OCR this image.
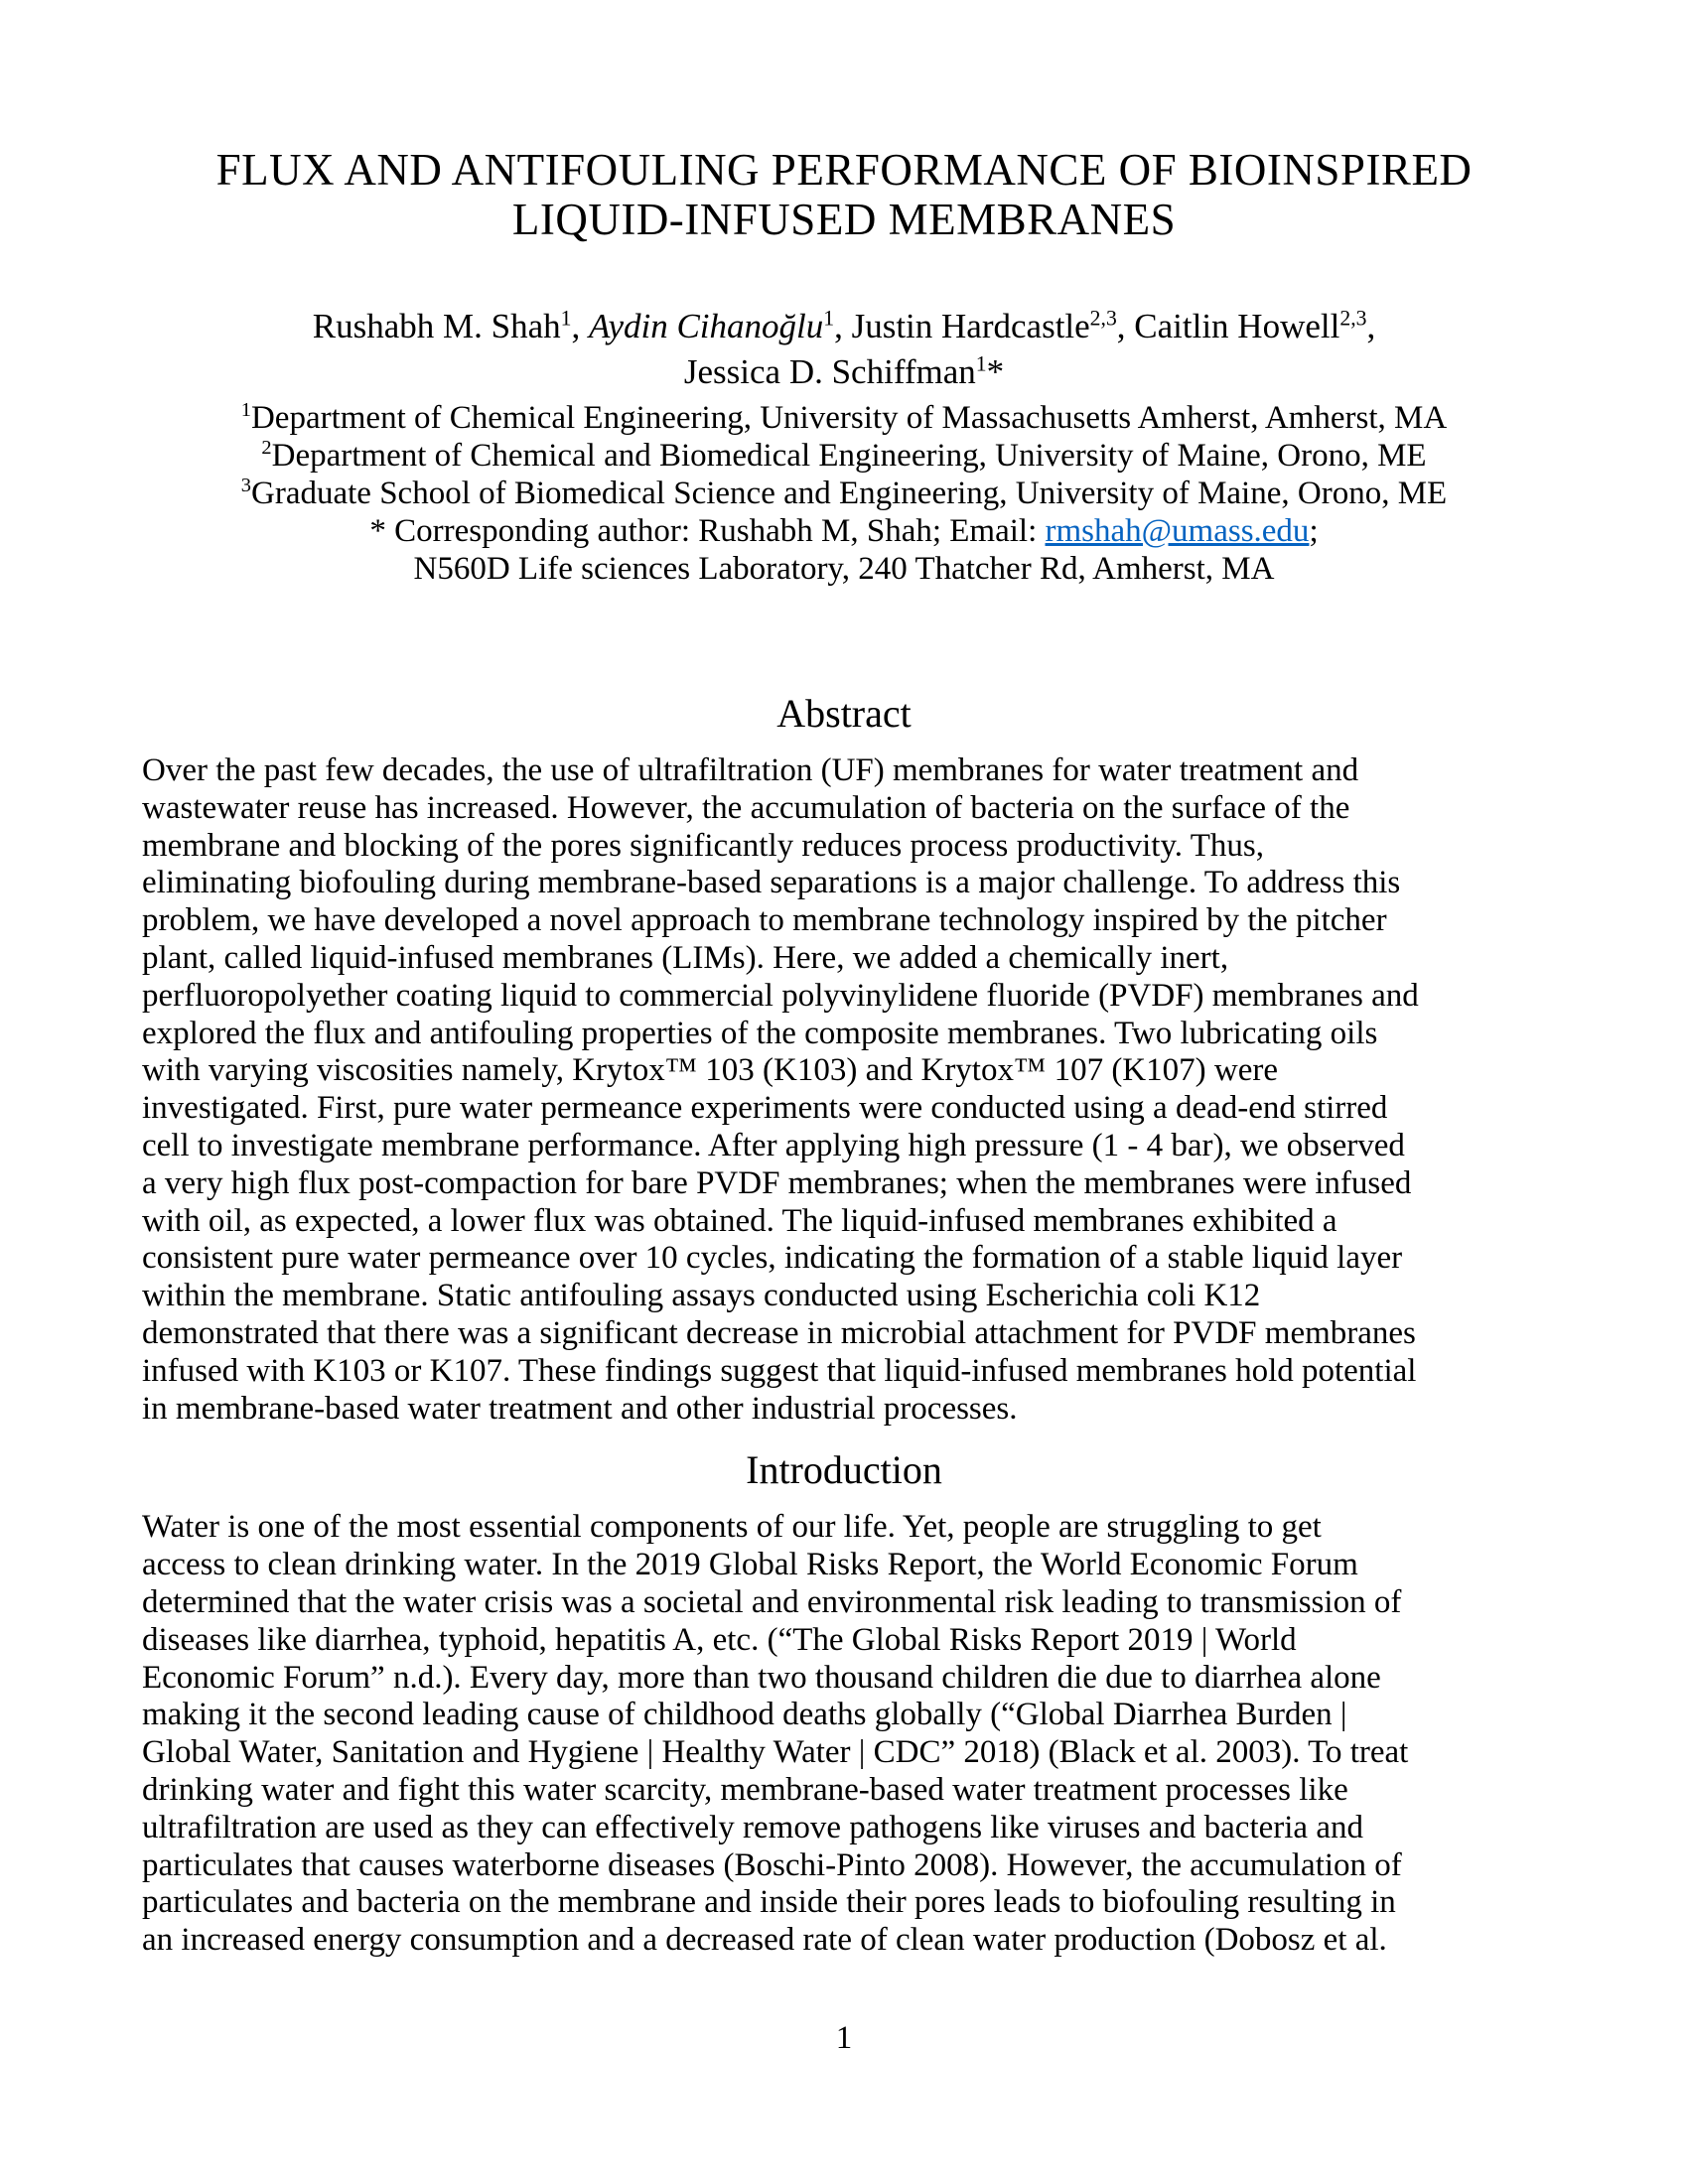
FLUX AND ANTIFOULING PERFORMANCE OF BIOINSPIRED
LIQUID-INFUSED MEMBRANES
Rushabh M. Shah$^1$, Aydin Cihanoğlu$^1$, Justin Hardcastle$^{2,3}$, Caitlin Howell$^{2,3}$,
Jessica D. Schiffman$^1$*
$^1$Department of Chemical Engineering, University of Massachusetts Amherst, Amherst, MA
$^2$Department of Chemical and Biomedical Engineering, University of Maine, Orono, ME
$^3$Graduate School of Biomedical Science and Engineering, University of Maine, Orono, ME
* Corresponding author: Rushabh M, Shah; Email: rmshah@umass.edu;
N560D Life sciences Laboratory, 240 Thatcher Rd, Amherst, MA
Abstract
Over the past few decades, the use of ultrafiltration (UF) membranes for water treatment and
wastewater reuse has increased. However, the accumulation of bacteria on the surface of the
membrane and blocking of the pores significantly reduces process productivity. Thus,
eliminating biofouling during membrane-based separations is a major challenge. To address this
problem, we have developed a novel approach to membrane technology inspired by the pitcher
plant, called liquid-infused membranes (LIMs). Here, we added a chemically inert,
perfluoropolyether coating liquid to commercial polyvinylidene fluoride (PVDF) membranes and
explored the flux and antifouling properties of the composite membranes. Two lubricating oils
with varying viscosities namely, Krytox™ 103 (K103) and Krytox™ 107 (K107) were
investigated. First, pure water permeance experiments were conducted using a dead-end stirred
cell to investigate membrane performance. After applying high pressure (1 - 4 bar), we observed
a very high flux post-compaction for bare PVDF membranes; when the membranes were infused
with oil, as expected, a lower flux was obtained. The liquid-infused membranes exhibited a
consistent pure water permeance over 10 cycles, indicating the formation of a stable liquid layer
within the membrane. Static antifouling assays conducted using Escherichia coli K12
demonstrated that there was a significant decrease in microbial attachment for PVDF membranes
infused with K103 or K107. These findings suggest that liquid-infused membranes hold potential
in membrane-based water treatment and other industrial processes.
Introduction
Water is one of the most essential components of our life. Yet, people are struggling to get
access to clean drinking water. In the 2019 Global Risks Report, the World Economic Forum
determined that the water crisis was a societal and environmental risk leading to transmission of
diseases like diarrhea, typhoid, hepatitis A, etc. (“The Global Risks Report 2019 | World
Economic Forum” n.d.). Every day, more than two thousand children die due to diarrhea alone
making it the second leading cause of childhood deaths globally (“Global Diarrhea Burden |
Global Water, Sanitation and Hygiene | Healthy Water | CDC” 2018) (Black et al. 2003). To treat
drinking water and fight this water scarcity, membrane-based water treatment processes like
ultrafiltration are used as they can effectively remove pathogens like viruses and bacteria and
particulates that causes waterborne diseases (Boschi-Pinto 2008). However, the accumulation of
particulates and bacteria on the membrane and inside their pores leads to biofouling resulting in
an increased energy consumption and a decreased rate of clean water production (Dobosz et al.
1
